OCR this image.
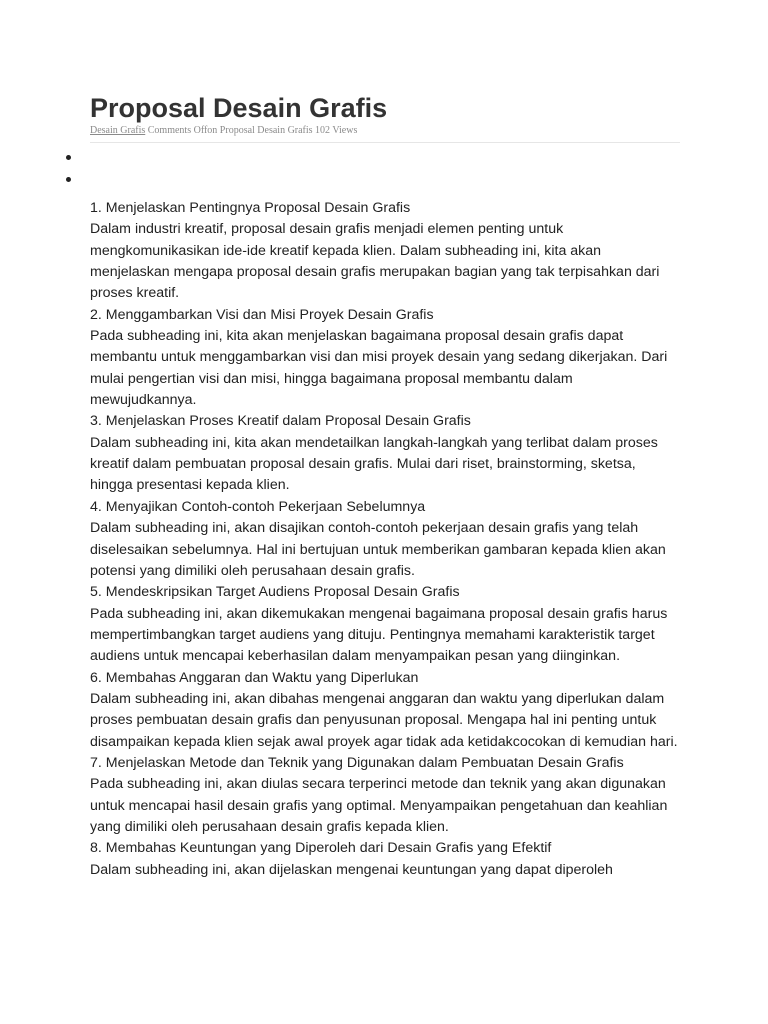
Proposal Desain Grafis
Desain Grafis Comments Offon Proposal Desain Grafis 102 Views
1. Menjelaskan Pentingnya Proposal Desain Grafis
Dalam industri kreatif, proposal desain grafis menjadi elemen penting untuk mengkomunikasikan ide-ide kreatif kepada klien. Dalam subheading ini, kita akan menjelaskan mengapa proposal desain grafis merupakan bagian yang tak terpisahkan dari proses kreatif.
2. Menggambarkan Visi dan Misi Proyek Desain Grafis
Pada subheading ini, kita akan menjelaskan bagaimana proposal desain grafis dapat membantu untuk menggambarkan visi dan misi proyek desain yang sedang dikerjakan. Dari mulai pengertian visi dan misi, hingga bagaimana proposal membantu dalam mewujudkannya.
3. Menjelaskan Proses Kreatif dalam Proposal Desain Grafis
Dalam subheading ini, kita akan mendetailkan langkah-langkah yang terlibat dalam proses kreatif dalam pembuatan proposal desain grafis. Mulai dari riset, brainstorming, sketsa, hingga presentasi kepada klien.
4. Menyajikan Contoh-contoh Pekerjaan Sebelumnya
Dalam subheading ini, akan disajikan contoh-contoh pekerjaan desain grafis yang telah diselesaikan sebelumnya. Hal ini bertujuan untuk memberikan gambaran kepada klien akan potensi yang dimiliki oleh perusahaan desain grafis.
5. Mendeskripsikan Target Audiens Proposal Desain Grafis
Pada subheading ini, akan dikemukakan mengenai bagaimana proposal desain grafis harus mempertimbangkan target audiens yang dituju. Pentingnya memahami karakteristik target audiens untuk mencapai keberhasilan dalam menyampaikan pesan yang diinginkan.
6. Membahas Anggaran dan Waktu yang Diperlukan
Dalam subheading ini, akan dibahas mengenai anggaran dan waktu yang diperlukan dalam proses pembuatan desain grafis dan penyusunan proposal. Mengapa hal ini penting untuk disampaikan kepada klien sejak awal proyek agar tidak ada ketidakcocokan di kemudian hari.
7. Menjelaskan Metode dan Teknik yang Digunakan dalam Pembuatan Desain Grafis
Pada subheading ini, akan diulas secara terperinci metode dan teknik yang akan digunakan untuk mencapai hasil desain grafis yang optimal. Menyampaikan pengetahuan dan keahlian yang dimiliki oleh perusahaan desain grafis kepada klien.
8. Membahas Keuntungan yang Diperoleh dari Desain Grafis yang Efektif
Dalam subheading ini, akan dijelaskan mengenai keuntungan yang dapat diperoleh
